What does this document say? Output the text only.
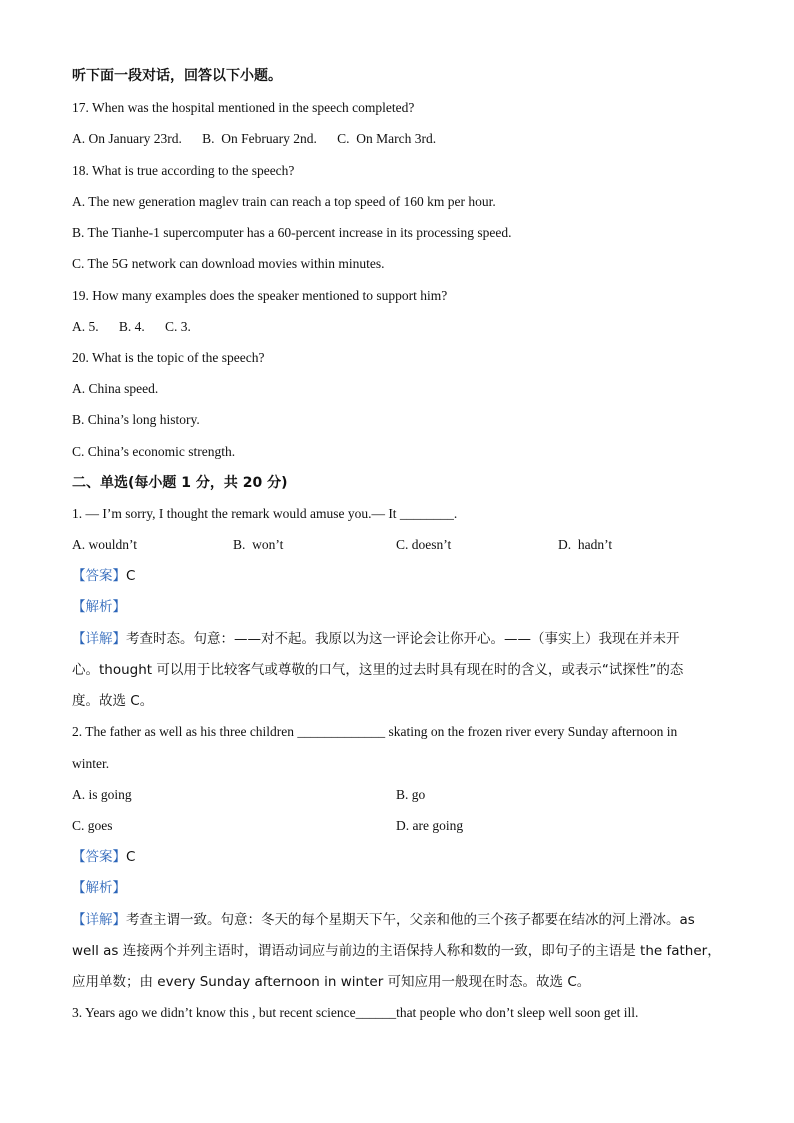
听下面一段对话，回答以下小题。
17. When was the hospital mentioned in the speech completed?
A. On January 23rd.      B.  On February 2nd.      C.  On March 3rd.
18. What is true according to the speech?
A. The new generation maglev train can reach a top speed of 160 km per hour.
B. The Tianhe-1 supercomputer has a 60-percent increase in its processing speed.
C. The 5G network can download movies within minutes.
19. How many examples does the speaker mentioned to support him?
A. 5.      B. 4.      C. 3.
20. What is the topic of the speech?
A. China speed.
B. China’s long history.
C. China’s economic strength.
二、单选(每小题 1 分，共 20 分)
1. — I’m sorry, I thought the remark would amuse you.— It ________.
A. wouldn’t	B.  won’t	C. doesn’t	D.  hadn’t
【答案】C
【解析】
【详解】考查时态。句意：——对不起。我原以为这一评论会让你开心。——（事实上）我现在并未开
心。thought 可以用于比较客气或尊敬的口气，这里的过去时具有现在时的含义，或表示“试探性”的态
度。故选 C。
2. The father as well as his three children _____________ skating on the frozen river every Sunday afternoon in
winter.
A. is going	B. go
C. goes	D. are going
【答案】C
【解析】
【详解】考查主谓一致。句意：冬天的每个星期天下午，父亲和他的三个孩子都要在结冰的河上滑冰。as
well as 连接两个并列主语时，谓语动词应与前边的主语保持人称和数的一致，即句子的主语是 the father，
应用单数；由 every Sunday afternoon in winter 可知应用一般现在时态。故选 C。
3. Years ago we didn’t know this , but recent science______that people who don’t sleep well soon get ill.
